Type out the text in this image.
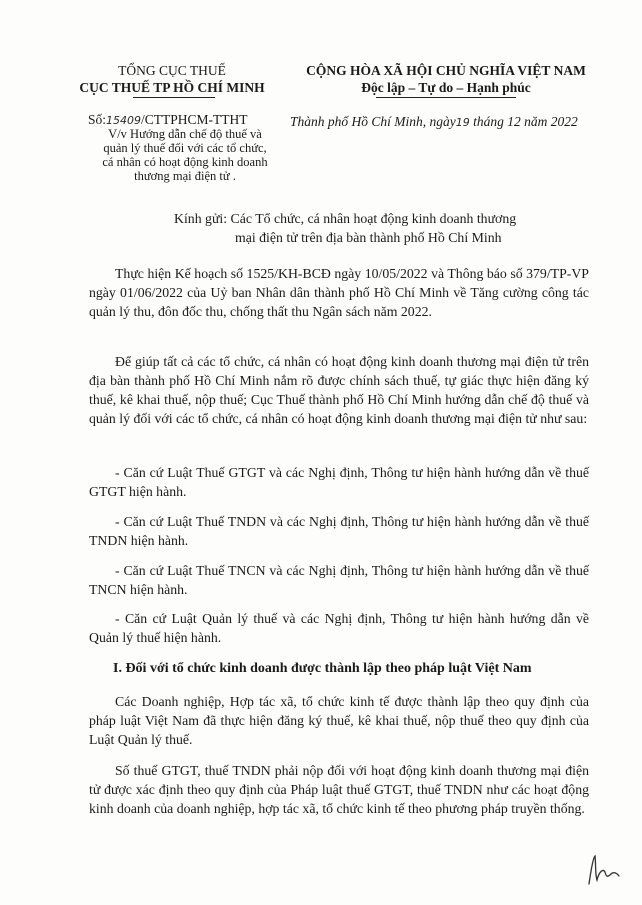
TỔNG CỤC THUẾ
CỤC THUẾ TP HỒ CHÍ MINH
Số:15409/CTTPHCM-TTHT
V/v Hướng dẫn chế độ thuế và
quản lý thuế đối với các tổ chức,
cá nhân có hoạt động kinh doanh
thương mại điện tử .
CỘNG HÒA XÃ HỘI CHỦ NGHĨA VIỆT NAM
Độc lập – Tự do – Hạnh phúc
Thành phố Hồ Chí Minh, ngày19 tháng 12 năm 2022
Kính gửi: Các Tổ chức, cá nhân hoạt động kinh doanh thương
mại điện tử trên địa bàn thành phố Hồ Chí Minh
Thực hiện Kế hoạch số 1525/KH-BCĐ ngày 10/05/2022 và Thông báo số 379/TP-VP ngày 01/06/2022 của Uỷ ban Nhân dân thành phố Hồ Chí Minh về Tăng cường công tác quản lý thu, đôn đốc thu, chống thất thu Ngân sách năm 2022.
Để giúp tất cả các tổ chức, cá nhân có hoạt động kinh doanh thương mại điện tử trên địa bàn thành phố Hồ Chí Minh nắm rõ được chính sách thuế, tự giác thực hiện đăng ký thuế, kê khai thuế, nộp thuế; Cục Thuế thành phố Hồ Chí Minh hướng dẫn chế độ thuế và quản lý đối với các tổ chức, cá nhân có hoạt động kinh doanh thương mại điện tử như sau:
- Căn cứ Luật Thuế GTGT và các Nghị định, Thông tư hiện hành hướng dẫn về thuế GTGT hiện hành.
- Căn cứ Luật Thuế TNDN và các Nghị định, Thông tư hiện hành hướng dẫn về thuế TNDN hiện hành.
- Căn cứ Luật Thuế TNCN và các Nghị định, Thông tư hiện hành hướng dẫn về thuế TNCN hiện hành.
- Căn cứ Luật Quản lý thuế và các Nghị định, Thông tư hiện hành hướng dẫn về Quản lý thuế hiện hành.
I. Đối với tổ chức kinh doanh được thành lập theo pháp luật Việt Nam
Các Doanh nghiệp, Hợp tác xã, tổ chức kinh tế được thành lập theo quy định của pháp luật Việt Nam đã thực hiện đăng ký thuế, kê khai thuế, nộp thuế theo quy định của Luật Quản lý thuế.
Số thuế GTGT, thuế TNDN phải nộp đối với hoạt động kinh doanh thương mại điện tử được xác định theo quy định của Pháp luật thuế GTGT, thuế TNDN như các hoạt động kinh doanh của doanh nghiệp, hợp tác xã, tổ chức kinh tế theo phương pháp truyền thống.
